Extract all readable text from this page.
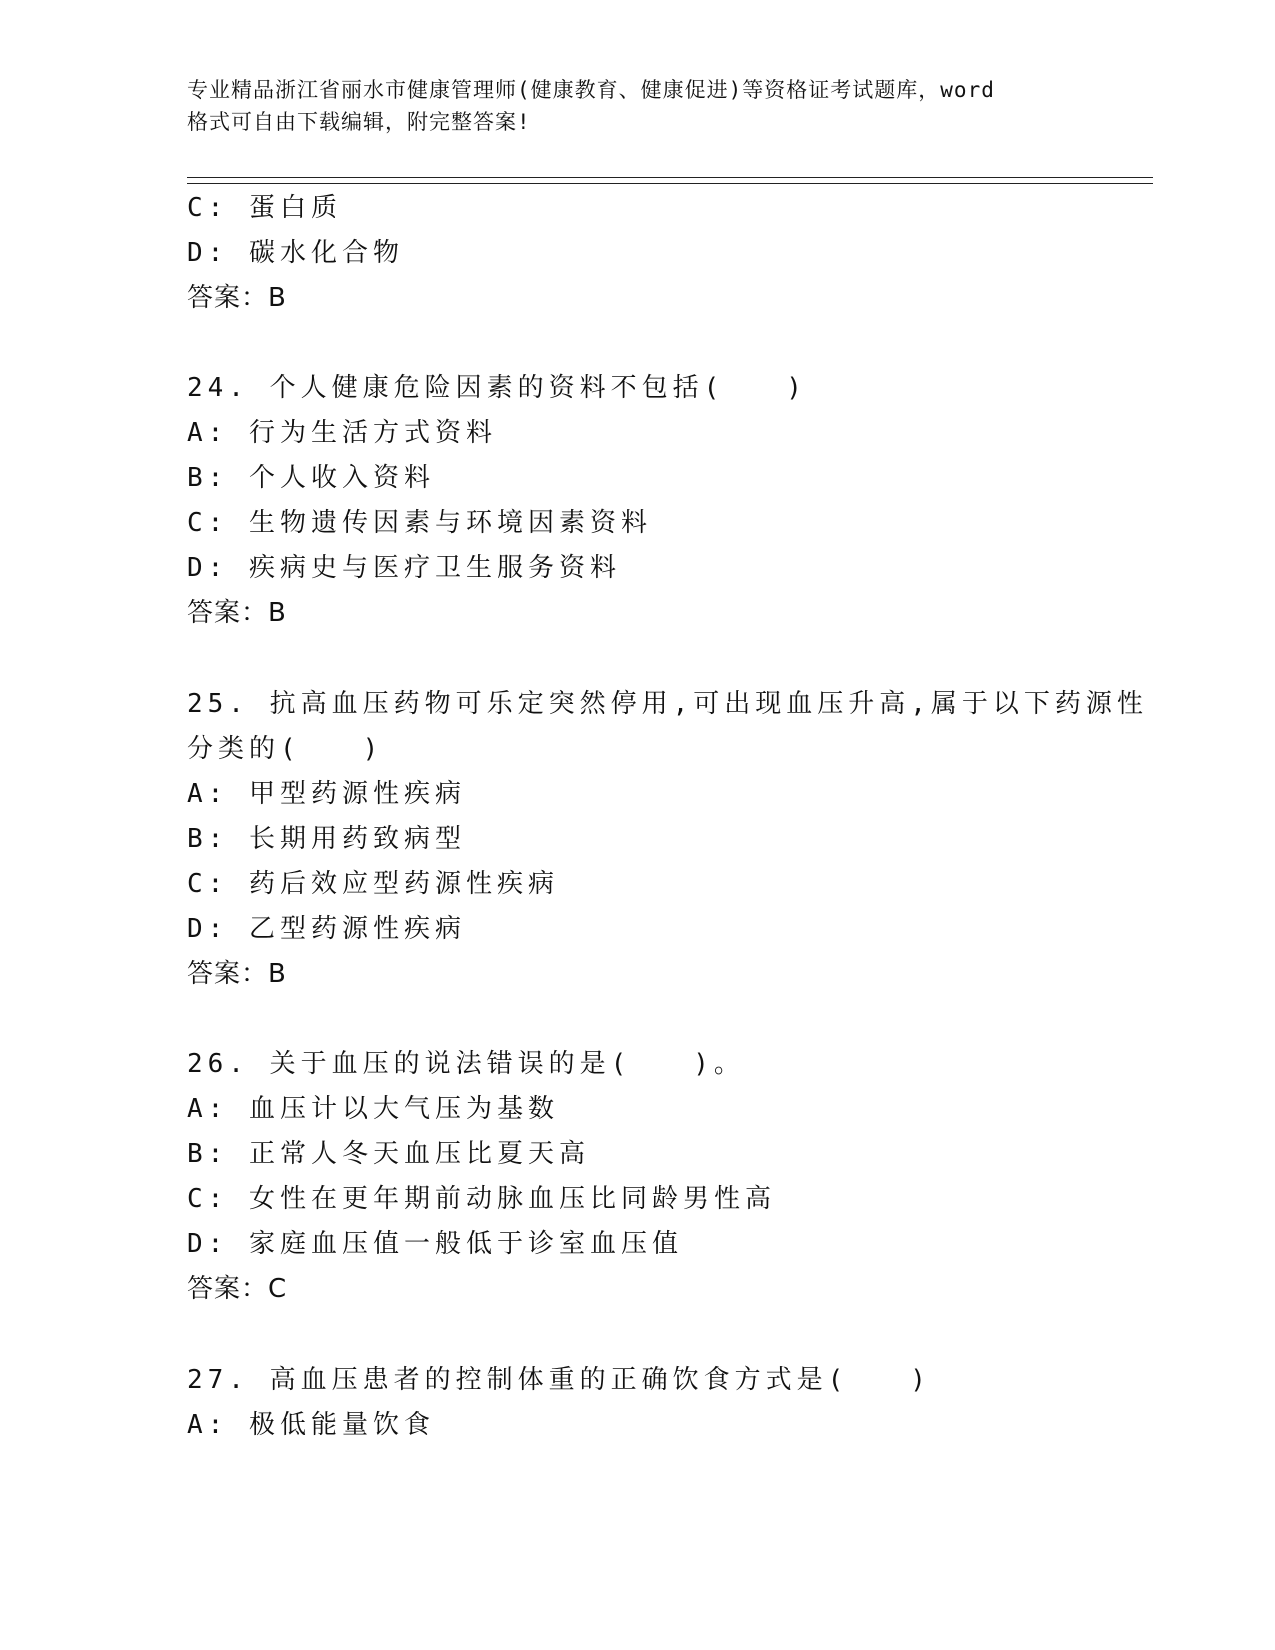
专业精品浙江省丽水市健康管理师(健康教育、健康促进)等资格证考试题库，word
格式可自由下载编辑，附完整答案!
C: 蛋白质
D: 碳水化合物
答案：B
24. 个人健康危险因素的资料不包括(　　)
A: 行为生活方式资料
B: 个人收入资料
C: 生物遗传因素与环境因素资料
D: 疾病史与医疗卫生服务资料
答案：B
25. 抗高血压药物可乐定突然停用,可出现血压升高,属于以下药源性
分类的(　　)
A: 甲型药源性疾病
B: 长期用药致病型
C: 药后效应型药源性疾病
D: 乙型药源性疾病
答案：B
26. 关于血压的说法错误的是(　　)。
A: 血压计以大气压为基数
B: 正常人冬天血压比夏天高
C: 女性在更年期前动脉血压比同龄男性高
D: 家庭血压值一般低于诊室血压值
答案：C
27. 高血压患者的控制体重的正确饮食方式是(　　)
A: 极低能量饮食
